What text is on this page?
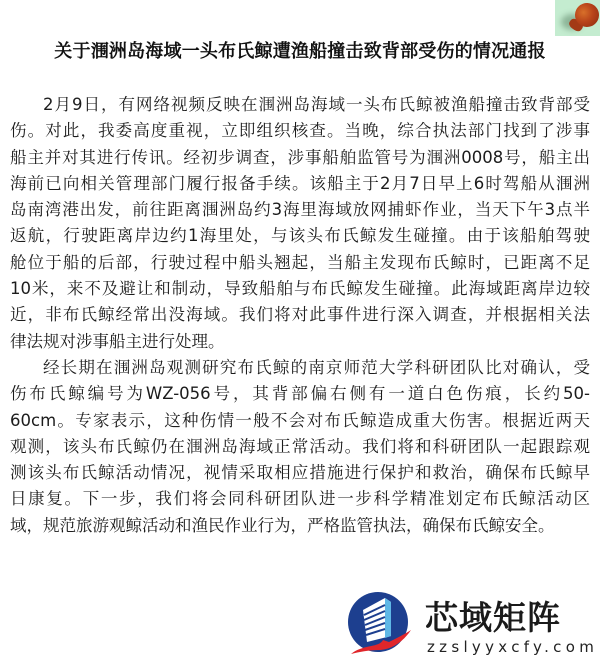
关于涠洲岛海域一头布氏鲸遭渔船撞击致背部受伤的情况通报
2月9日，有网络视频反映在涠洲岛海域一头布氏鲸被渔船撞击致背部受
伤。对此，我委高度重视，立即组织核查。当晚，综合执法部门找到了涉事
船主并对其进行传讯。经初步调查，涉事船舶监管号为涠洲0008号，船主出
海前已向相关管理部门履行报备手续。该船主于2月7日早上6时驾船从涠洲
岛南湾港出发，前往距离涠洲岛约3海里海域放网捕虾作业，当天下午3点半
返航，行驶距离岸边约1海里处，与该头布氏鲸发生碰撞。由于该船舶驾驶
舱位于船的后部，行驶过程中船头翘起，当船主发现布氏鲸时，已距离不足
10米，来不及避让和制动，导致船舶与布氏鲸发生碰撞。此海域距离岸边较
近，非布氏鲸经常出没海域。我们将对此事件进行深入调查，并根据相关法
律法规对涉事船主进行处理。
经长期在涠洲岛观测研究布氏鲸的南京师范大学科研团队比对确认，受
伤布氏鲸编号为WZ-056号，其背部偏右侧有一道白色伤痕，长约50-
60cm。专家表示，这种伤情一般不会对布氏鲸造成重大伤害。根据近两天
观测，该头布氏鲸仍在涠洲岛海域正常活动。我们将和科研团队一起跟踪观
测该头布氏鲸活动情况，视情采取相应措施进行保护和救治，确保布氏鲸早
日康复。下一步，我们将会同科研团队进一步科学精准划定布氏鲸活动区
域，规范旅游观鲸活动和渔民作业行为，严格监管执法，确保布氏鲸安全。
芯域矩阵
zzslyyxcfy.com
